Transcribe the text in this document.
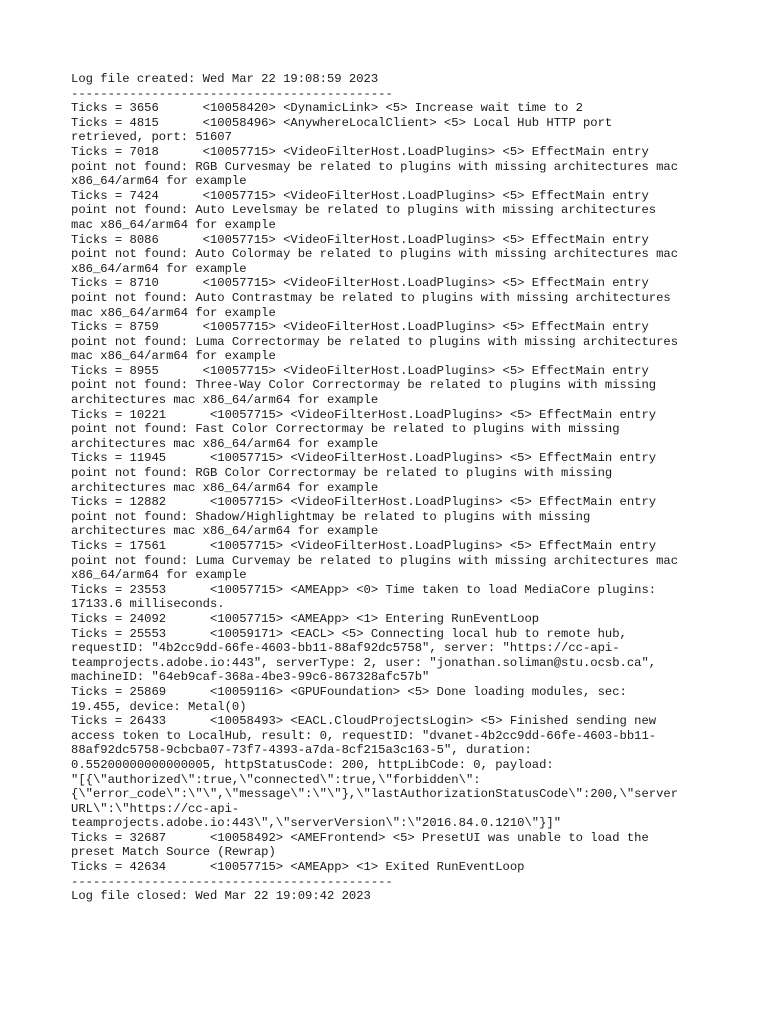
Log file created: Wed Mar 22 19:08:59 2023
--------------------------------------------
Ticks = 3656      <10058420> <DynamicLink> <5> Increase wait time to 2
Ticks = 4815      <10058496> <AnywhereLocalClient> <5> Local Hub HTTP port
retrieved, port: 51607
Ticks = 7018      <10057715> <VideoFilterHost.LoadPlugins> <5> EffectMain entry
point not found: RGB Curvesmay be related to plugins with missing architectures mac
x86_64/arm64 for example
Ticks = 7424      <10057715> <VideoFilterHost.LoadPlugins> <5> EffectMain entry
point not found: Auto Levelsmay be related to plugins with missing architectures
mac x86_64/arm64 for example
Ticks = 8086      <10057715> <VideoFilterHost.LoadPlugins> <5> EffectMain entry
point not found: Auto Colormay be related to plugins with missing architectures mac
x86_64/arm64 for example
Ticks = 8710      <10057715> <VideoFilterHost.LoadPlugins> <5> EffectMain entry
point not found: Auto Contrastmay be related to plugins with missing architectures
mac x86_64/arm64 for example
Ticks = 8759      <10057715> <VideoFilterHost.LoadPlugins> <5> EffectMain entry
point not found: Luma Correctormay be related to plugins with missing architectures
mac x86_64/arm64 for example
Ticks = 8955      <10057715> <VideoFilterHost.LoadPlugins> <5> EffectMain entry
point not found: Three-Way Color Correctormay be related to plugins with missing
architectures mac x86_64/arm64 for example
Ticks = 10221      <10057715> <VideoFilterHost.LoadPlugins> <5> EffectMain entry
point not found: Fast Color Correctormay be related to plugins with missing
architectures mac x86_64/arm64 for example
Ticks = 11945      <10057715> <VideoFilterHost.LoadPlugins> <5> EffectMain entry
point not found: RGB Color Correctormay be related to plugins with missing
architectures mac x86_64/arm64 for example
Ticks = 12882      <10057715> <VideoFilterHost.LoadPlugins> <5> EffectMain entry
point not found: Shadow/Highlightmay be related to plugins with missing
architectures mac x86_64/arm64 for example
Ticks = 17561      <10057715> <VideoFilterHost.LoadPlugins> <5> EffectMain entry
point not found: Luma Curvemay be related to plugins with missing architectures mac
x86_64/arm64 for example
Ticks = 23553      <10057715> <AMEApp> <0> Time taken to load MediaCore plugins:
17133.6 milliseconds.
Ticks = 24092      <10057715> <AMEApp> <1> Entering RunEventLoop
Ticks = 25553      <10059171> <EACL> <5> Connecting local hub to remote hub,
requestID: "4b2cc9dd-66fe-4603-bb11-88af92dc5758", server: "https://cc-api-
teamprojects.adobe.io:443", serverType: 2, user: "jonathan.soliman@stu.ocsb.ca",
machineID: "64eb9caf-368a-4be3-99c6-867328afc57b"
Ticks = 25869      <10059116> <GPUFoundation> <5> Done loading modules, sec:
19.455, device: Metal(0)
Ticks = 26433      <10058493> <EACL.CloudProjectsLogin> <5> Finished sending new
access token to LocalHub, result: 0, requestID: "dvanet-4b2cc9dd-66fe-4603-bb11-
88af92dc5758-9cbcba07-73f7-4393-a7da-8cf215a3c163-5", duration:
0.55200000000000005, httpStatusCode: 200, httpLibCode: 0, payload:
"[{\"authorized\":true,\"connected\":true,\"forbidden\":
{\"error_code\":\"\",\"message\":\"\"},\"lastAuthorizationStatusCode\":200,\"server
URL\":\"https://cc-api-
teamprojects.adobe.io:443\",\"serverVersion\":\"2016.84.0.1210\"}]"
Ticks = 32687      <10058492> <AMEFrontend> <5> PresetUI was unable to load the
preset Match Source (Rewrap)
Ticks = 42634      <10057715> <AMEApp> <1> Exited RunEventLoop
--------------------------------------------
Log file closed: Wed Mar 22 19:09:42 2023
